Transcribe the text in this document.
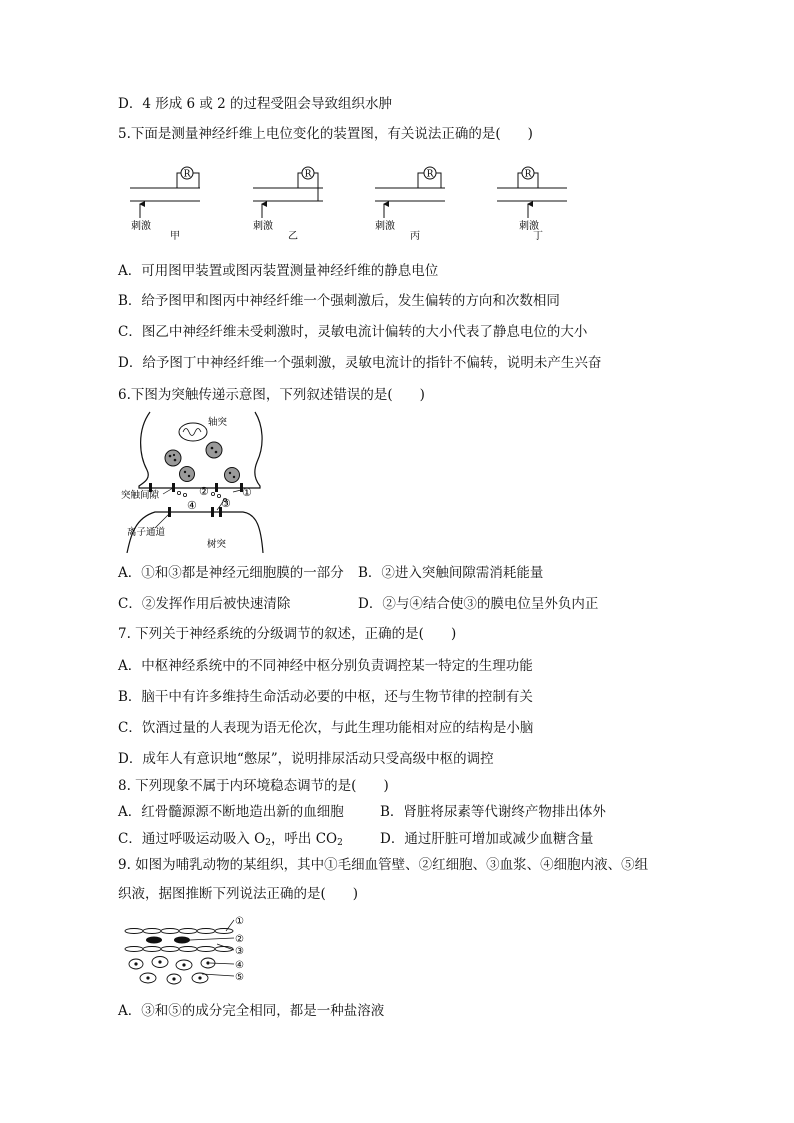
D．4 形成 6 或 2 的过程受阻会导致组织水肿
5.下面是测量神经纤维上电位变化的装置图，有关说法正确的是(　　)
R
刺激
甲
R
刺激
乙
R
刺激
丙
R
刺激
丁
A．可用图甲装置或图丙装置测量神经纤维的静息电位
B．给予图甲和图丙中神经纤维一个强刺激后，发生偏转的方向和次数相同
C．图乙中神经纤维未受刺激时，灵敏电流计偏转的大小代表了静息电位的大小
D．给予图丁中神经纤维一个强刺激，灵敏电流计的指针不偏转，说明未产生兴奋
6.下图为突触传递示意图，下列叙述错误的是(　　)
轴突
突触间隙
离子通道
树突
①
②
③
④
A．①和③都是神经元细胞膜的一部分 B．②进入突触间隙需消耗能量
C．②发挥作用后被快速清除	D．②与④结合使③的膜电位呈外负内正
7. 下列关于神经系统的分级调节的叙述，正确的是(　　)
A．中枢神经系统中的不同神经中枢分别负责调控某一特定的生理功能
B．脑干中有许多维持生命活动必要的中枢，还与生物节律的控制有关
C．饮酒过量的人表现为语无伦次，与此生理功能相对应的结构是小脑
D．成年人有意识地“憋尿”，说明排尿活动只受高级中枢的调控
8. 下列现象不属于内环境稳态调节的是(　　)
A．红骨髓源源不断地造出新的血细胞	B．肾脏将尿素等代谢终产物排出体外
C．通过呼吸运动吸入 $O_2$，呼出 $CO_2$	D．通过肝脏可增加或减少血糖含量
9. 如图为哺乳动物的某组织，其中①毛细血管壁、②红细胞、③血浆、④细胞内液、⑤组
织液，据图推断下列说法正确的是(　　)
①
②
③
④
⑤
A．③和⑤的成分完全相同，都是一种盐溶液
